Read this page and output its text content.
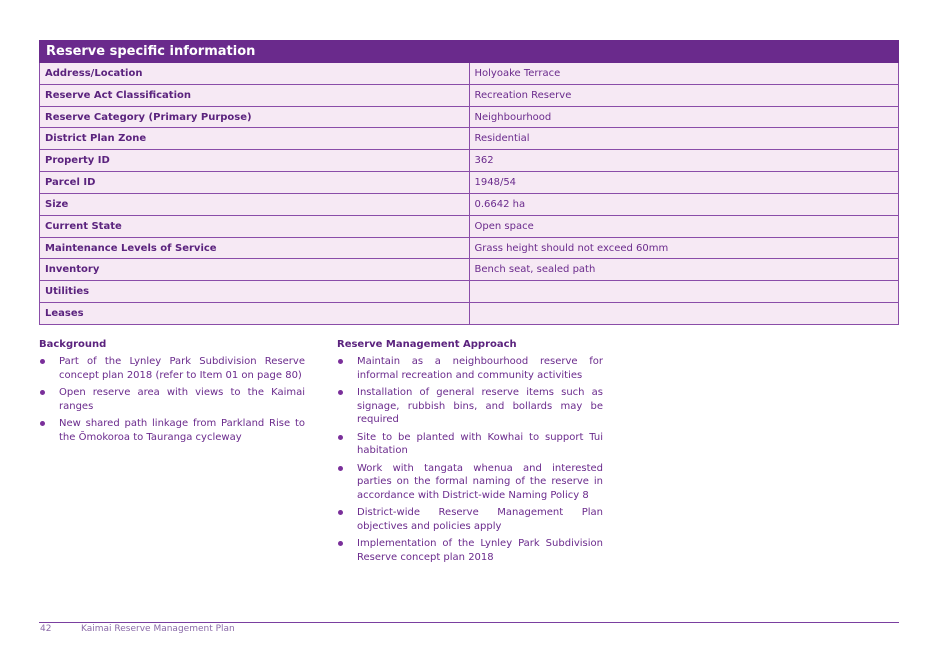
Reserve specific information	
Address/Location	Holyoake Terrace
Reserve Act Classification	Recreation Reserve
Reserve Category (Primary Purpose)	Neighbourhood
District Plan Zone	Residential
Property ID	362
Parcel ID	1948/54
Size	0.6642 ha
Current State	Open space
Maintenance Levels of Service	Grass height should not exceed 60mm
Inventory	Bench seat, sealed path
Utilities	
Leases	
Background
Part of the Lynley Park Subdivision Reserve concept plan 2018 (refer to Item 01 on page 80)
Open reserve area with views to the Kaimai ranges
New shared path linkage from Parkland Rise to the Ōmokoroa to Tauranga cycleway
Reserve Management Approach
Maintain as a neighbourhood reserve for informal recreation and community activities
Installation of general reserve items such as signage, rubbish bins, and bollards may be required
Site to be planted with Kowhai to support Tui habitation
Work with tangata whenua and interested parties on the formal naming of the reserve in accordance with District-wide Naming Policy 8
District-wide Reserve Management Plan objectives and policies apply
Implementation of the Lynley Park Subdivision Reserve concept plan 2018
42	Kaimai Reserve Management Plan
